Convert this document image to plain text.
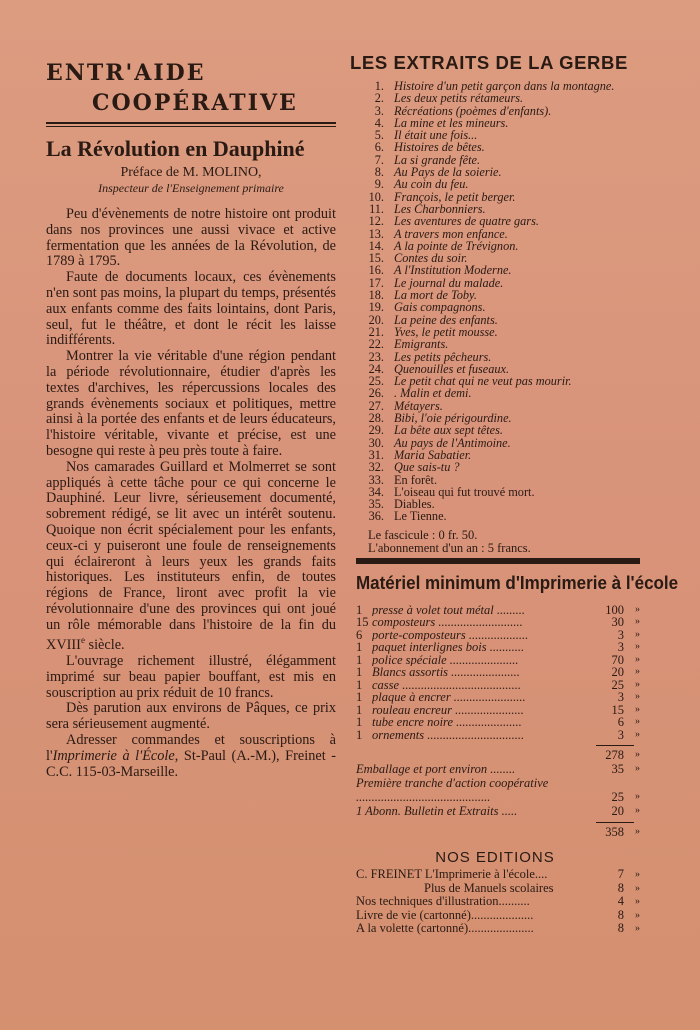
ENTR'AIDE
COOPÉRATIVE
La Révolution en Dauphiné
Préface de M. MOLINO,
Inspecteur de l'Enseignement primaire

Peu d'évènements de notre histoire ont produit dans nos provinces une aussi vivace et active fermentation que les années de la Révolution, de 1789 à 1795.

Faute de documents locaux, ces évènements n'en sont pas moins, la plupart du temps, présentés aux enfants comme des faits lointains, dont Paris, seul, fut le théâtre, et dont le récit les laisse indifférents.

Montrer la vie véritable d'une région pendant la période révolutionnaire, étudier d'après les textes d'archives, les répercussions locales des grands évènements sociaux et politiques, mettre ainsi à la portée des enfants et de leurs éducateurs, l'histoire véritable, vivante et précise, est une besogne qui reste à peu près toute à faire.

Nos camarades Guillard et Molmerret se sont appliqués à cette tâche pour ce qui concerne le Dauphiné. Leur livre, sérieusement documenté, sobrement rédigé, se lit avec un intérêt soutenu. Quoique non écrit spécialement pour les enfants, ceux-ci y puiseront une foule de renseignements qui éclaireront à leurs yeux les grands faits historiques. Les instituteurs enfin, de toutes régions de France, liront avec profit la vie révolutionnaire d'une des provinces qui ont joué un rôle mémorable dans l'histoire de la fin du XVIIIe siècle.

L'ouvrage richement illustré, élégamment imprimé sur beau papier bouffant, est mis en souscription au prix réduit de 10 francs.

Dès parution aux environs de Pâques, ce prix sera sérieusement augmenté.

Adresser commandes et souscriptions à l'Imprimerie à l'École, St-Paul (A.-M.), Freinet - C.C. 115-03-Marseille.

LES EXTRAITS DE LA GERBE
1. Histoire d'un petit garçon dans la montagne.
2. Les deux petits rétameurs.
3. Récréations (poèmes d'enfants).
4. La mine et les mineurs.
5. Il était une fois...
6. Histoires de bêtes.
7. La si grande fête.
8. Au Pays de la soierie.
9. Au coin du feu.
10. François, le petit berger.
11. Les Charbonniers.
12. Les aventures de quatre gars.
13. A travers mon enfance.
14. A la pointe de Trévignon.
15. Contes du soir.
16. A l'Institution Moderne.
17. Le journal du malade.
18. La mort de Toby.
19. Gais compagnons.
20. La peine des enfants.
21. Yves, le petit mousse.
22. Emigrants.
23. Les petits pêcheurs.
24. Quenouilles et fuseaux.
25. Le petit chat qui ne veut pas mourir.
26. . Malin et demi.
27. Métayers.
28. Bibi, l'oie périgourdine.
29. La bête aux sept têtes.
30. Au pays de l'Antimoine.
31. Maria Sabatier.
32. Que sais-tu ?
33. En forêt.
34. L'oiseau qui fut trouvé mort.
35. Diables.
36. Le Tienne.
Le fascicule : 0 fr. 50.
L'abonnement d'un an : 5 francs.
Matériel minimum d'Imprimerie à l'école
1 presse à volet tout métal .........	100	»
15 composteurs ...........................	30	»
6 porte-composteurs ...................	3	»
1 paquet interlignes bois ...........	3	»
1 police spéciale ......................	70	»
1 Blancs assortis ......................	20	»
1 casse ......................................	25	»
1 plaque à encrer .......................	3	»
1 rouleau encreur ......................	15	»
1 tube encre noire .....................	6	»
1 ornements ...............................	3	»
278	»
Emballage et port environ ........	35	»
Première tranche d'action coopérative ...........................................	25	»
1 Abonn. Bulletin et Extraits .....	20	»
358	»
NOS EDITIONS
C. FREINET L'Imprimerie à l'école....	7	»
Plus de Manuels scolaires	8	»
Nos techniques d'illustration..........	4	»
Livre de vie (cartonné)....................	8	»
A la volette (cartonné).....................	8	»
